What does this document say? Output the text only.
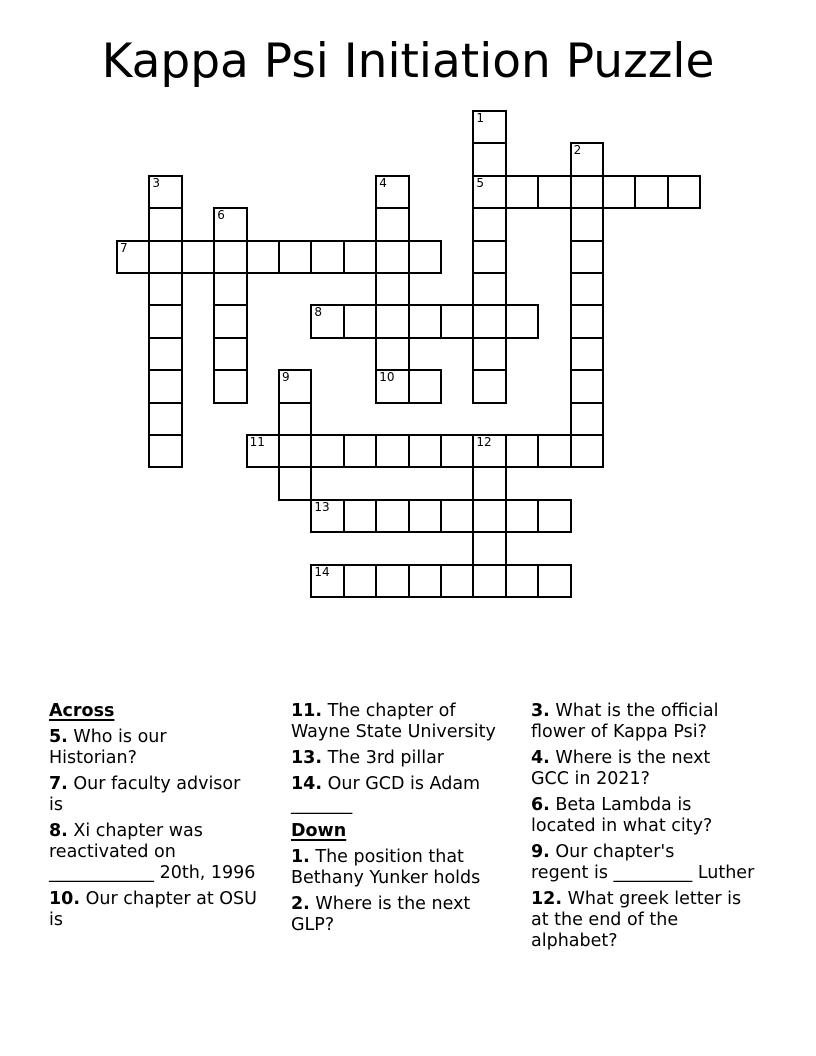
Kappa Psi Initiation Puzzle
1
5
2
3	4
10
6
7
8
9
11	12
13
14

Across

5. Who is our
Historian?

7. Our faculty advisor
is

8. Xi chapter was
reactivated on
____________ 20th, 1996

10. Our chapter at OSU
is

11. The chapter of
Wayne State University

13. The 3rd pillar

14. Our GCD is Adam
_______

Down

1. The position that
Bethany Yunker holds

2. Where is the next
GLP?

3. What is the official
flower of Kappa Psi?

4. Where is the next
GCC in 2021?

6. Beta Lambda is
located in what city?

9. Our chapter's
regent is _________ Luther

12. What greek letter is
at the end of the
alphabet?
